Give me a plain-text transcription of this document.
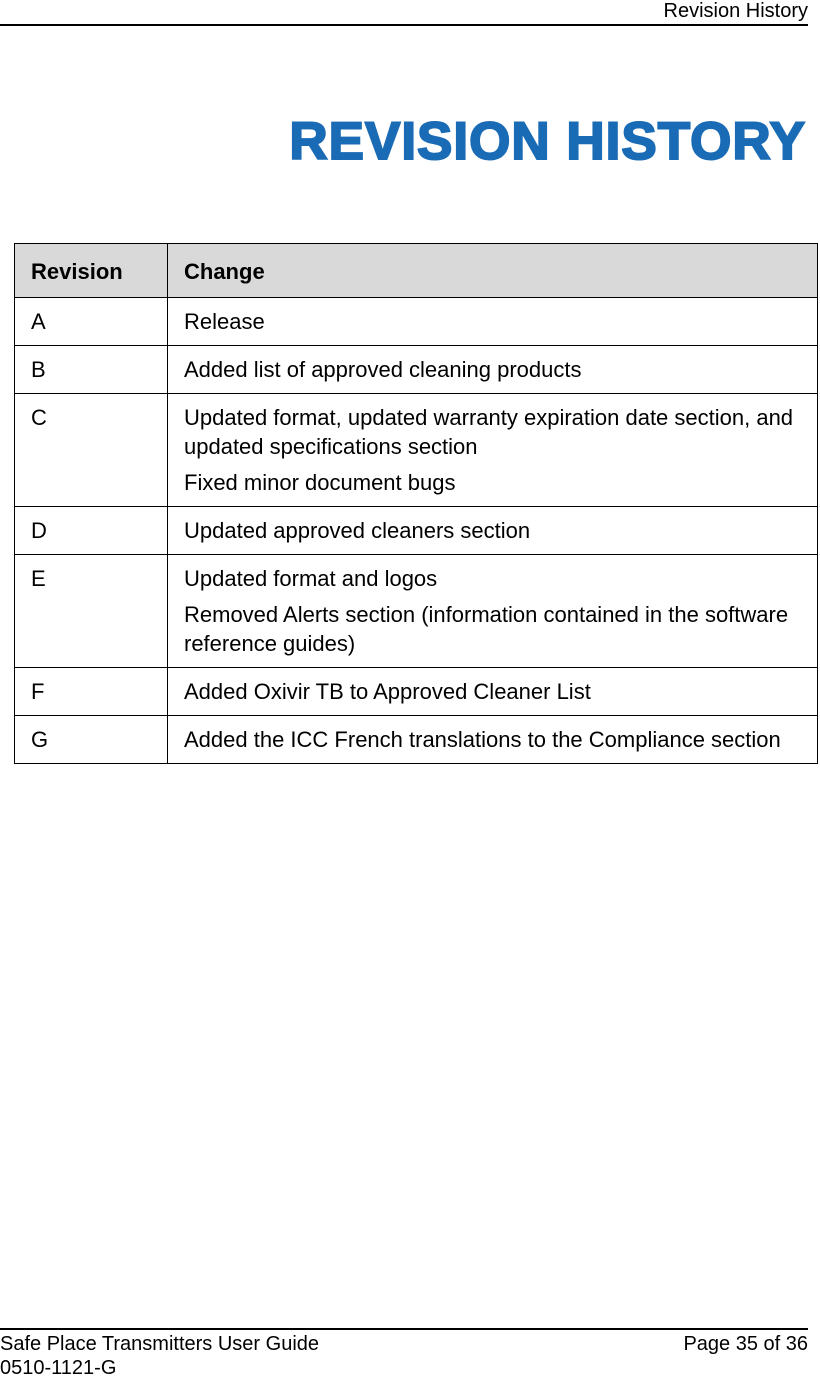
Revision History
REVISION HISTORY
Revision	Change
A	Release

B	Added list of approved cleaning products

C	Updated format, updated warranty expiration date section, and updated specifications section
Fixed minor document bugs

D	Updated approved cleaners section

E	Updated format and logos
Removed Alerts section (information contained in the software reference guides)

F	Added Oxivir TB to Approved Cleaner List

G	Added the ICC French translations to the Compliance section
Safe Place Transmitters User Guide	Page 35 of 36
0510-1121-G
